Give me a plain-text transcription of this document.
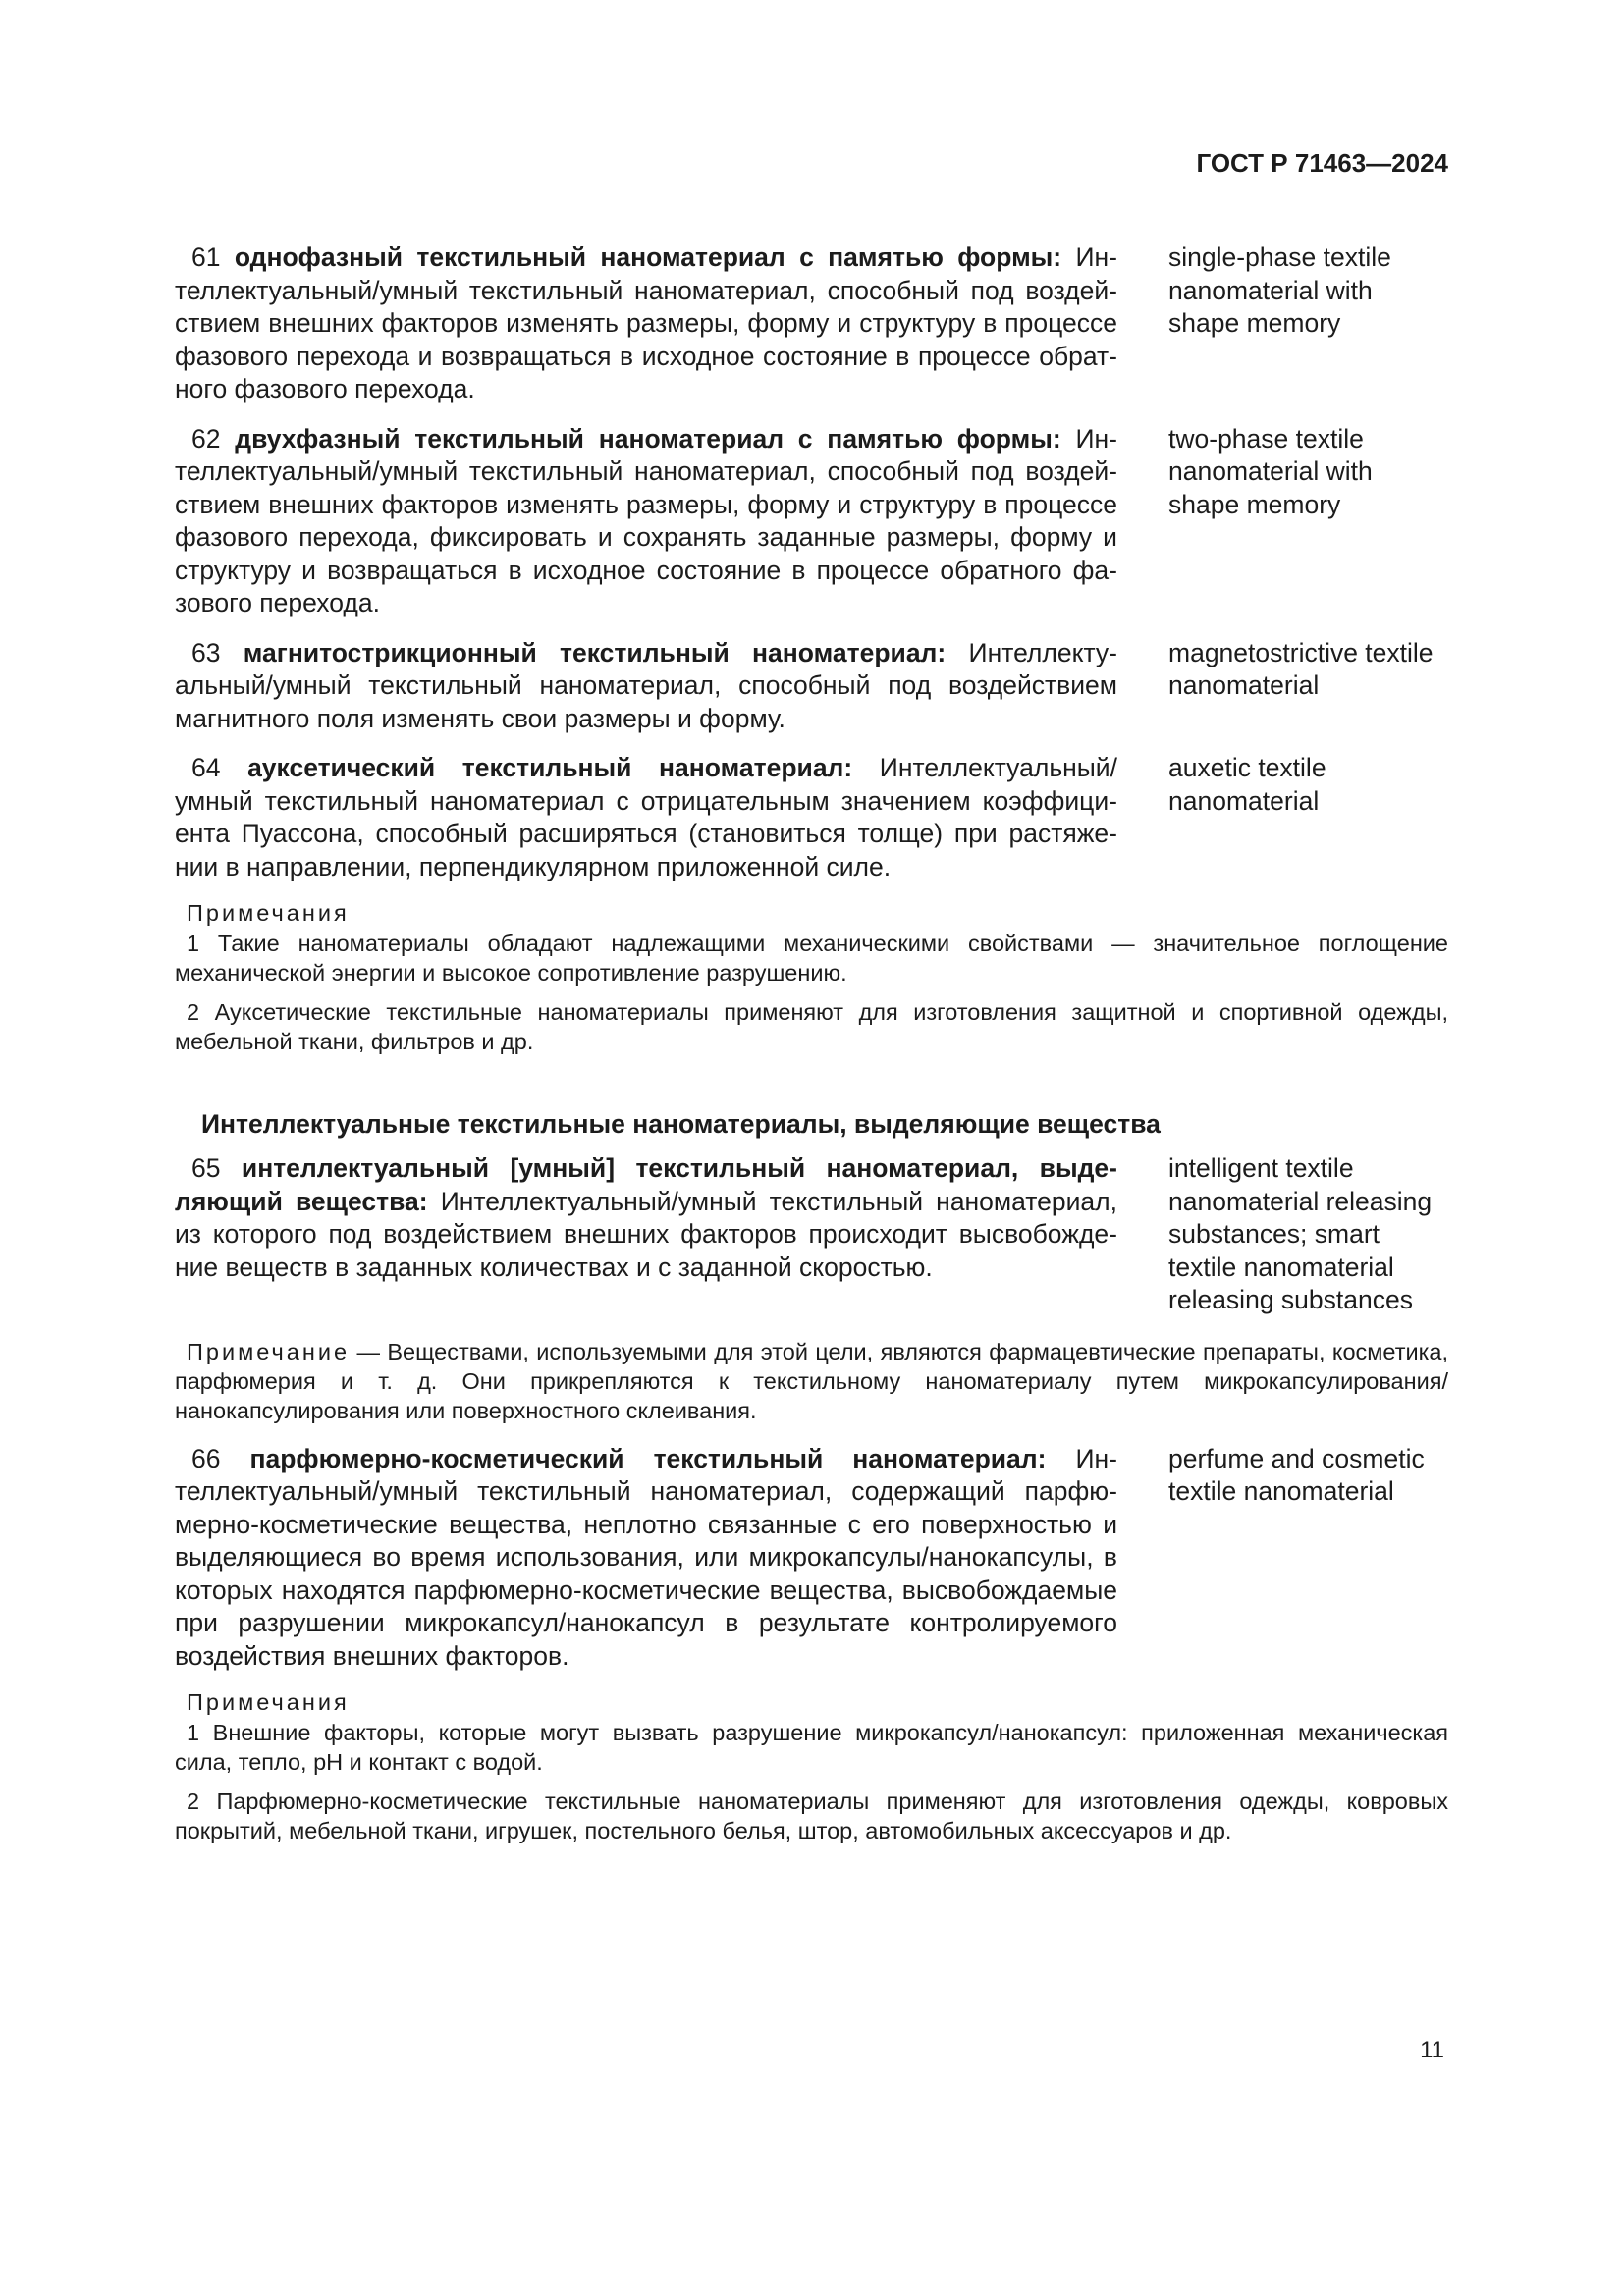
ГОСТ Р 71463—2024
61 однофазный текстильный наноматериал с памятью формы: Интеллектуальный/умный текстильный наноматериал, способный под воздействием внешних факторов изменять размеры, форму и структуру в процессе фазового перехода и возвращаться в исходное состояние в процессе обратного фазового перехода.
single-phase textile nanomaterial with shape memory
62 двухфазный текстильный наноматериал с памятью формы: Интеллектуальный/умный текстильный наноматериал, способный под воздействием внешних факторов изменять размеры, форму и структуру в процессе фазового перехода, фиксировать и сохранять заданные размеры, форму и структуру и возвращаться в исходное состояние в процессе обратного фазового перехода.
two-phase textile nanomaterial with shape memory
63 магнитострикционный текстильный наноматериал: Интеллектуальный/умный текстильный наноматериал, способный под воздействием магнитного поля изменять свои размеры и форму.
magnetostrictive textile nanomaterial
64 ауксетический текстильный наноматериал: Интеллектуальный/ умный текстильный наноматериал с отрицательным значением коэффициента Пуассона, способный расширяться (становиться толще) при растяжении в направлении, перпендикулярном приложенной силе.
auxetic textile nanomaterial
Примечания
1 Такие наноматериалы обладают надлежащими механическими свойствами — значительное поглощение механической энергии и высокое сопротивление разрушению.
2 Ауксетические текстильные наноматериалы применяют для изготовления защитной и спортивной одежды, мебельной ткани, фильтров и др.
Интеллектуальные текстильные наноматериалы, выделяющие вещества
65 интеллектуальный [умный] текстильный наноматериал, выделяющий вещества: Интеллектуальный/умный текстильный наноматериал, из которого под воздействием внешних факторов происходит высвобождение веществ в заданных количествах и с заданной скоростью.
intelligent textile nanomaterial releasing substances; smart textile nanomaterial releasing substances
Примечание — Веществами, используемыми для этой цели, являются фармацевтические препараты, косметика, парфюмерия и т. д. Они прикрепляются к текстильному наноматериалу путем микрокапсулирования/ нанокапсулирования или поверхностного склеивания.
66 парфюмерно-косметический текстильный наноматериал: Интеллектуальный/умный текстильный наноматериал, содержащий парфюмерно-косметические вещества, неплотно связанные с его поверхностью и выделяющиеся во время использования, или микрокапсулы/нанокапсулы, в которых находятся парфюмерно-косметические вещества, высвобождаемые при разрушении микрокапсул/нанокапсул в результате контролируемого воздействия внешних факторов.
perfume and cosmetic textile nanomaterial
Примечания
1 Внешние факторы, которые могут вызвать разрушение микрокапсул/нанокапсул: приложенная механическая сила, тепло, pH и контакт с водой.
2 Парфюмерно-косметические текстильные наноматериалы применяют для изготовления одежды, ковровых покрытий, мебельной ткани, игрушек, постельного белья, штор, автомобильных аксессуаров и др.
11
